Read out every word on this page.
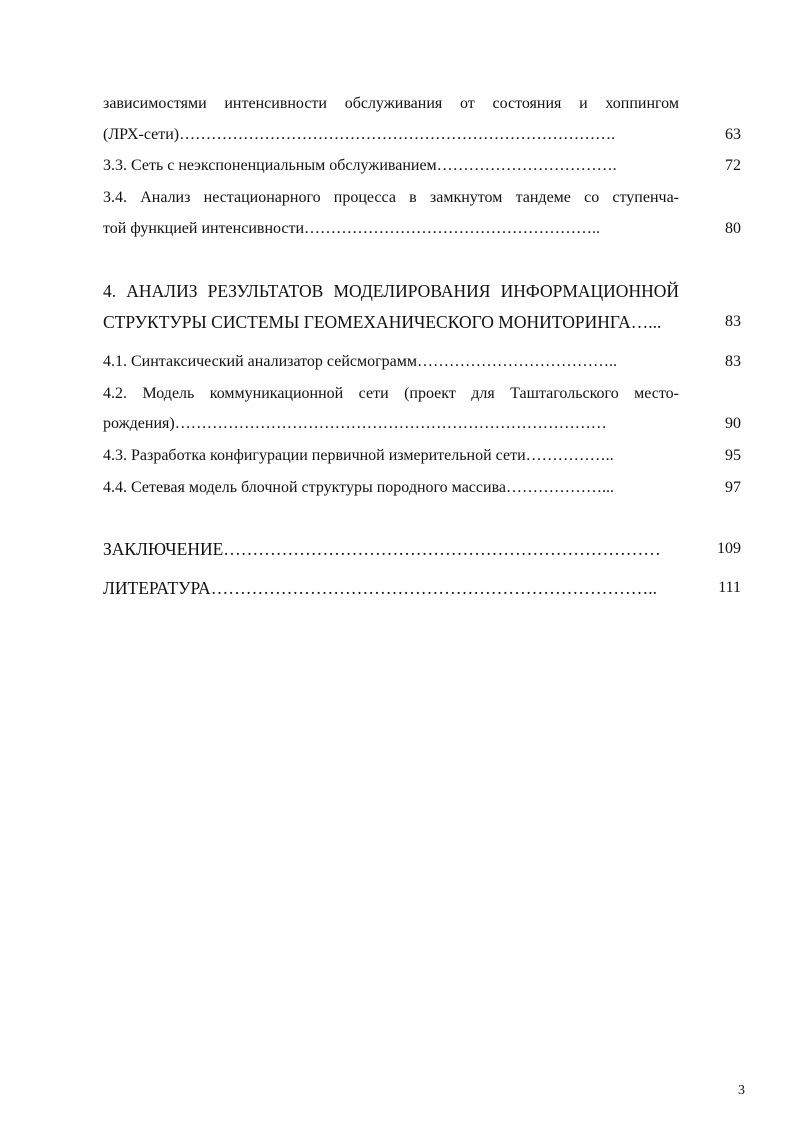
зависимостями интенсивности обслуживания от состояния и хоппингом
(ЛРХ-сети)……………………………………………………………………….	63
3.3. Сеть с неэкспоненциальным обслуживанием…………………………….	72
3.4. Анализ нестационарного процесса в замкнутом тандеме со ступенча-
той функцией интенсивности………………………………………………..	80
4. АНАЛИЗ РЕЗУЛЬТАТОВ МОДЕЛИРОВАНИЯ ИНФОРМАЦИОННОЙ
СТРУКТУРЫ СИСТЕМЫ ГЕОМЕХАНИЧЕСКОГО МОНИТОРИНГА…...	83
4.1. Синтаксический анализатор сейсмограмм………………………………..	83
4.2. Модель коммуникационной сети (проект для Таштагольского место-
рождения)………………………………………………………………………	90
4.3. Разработка конфигурации первичной измерительной сети……………..	95
4.4. Сетевая модель блочной структуры породного массива………………...	97
ЗАКЛЮЧЕНИЕ…………………………………………………………………	109
ЛИТЕРАТУРА…………………………………………………………………..	111
3
